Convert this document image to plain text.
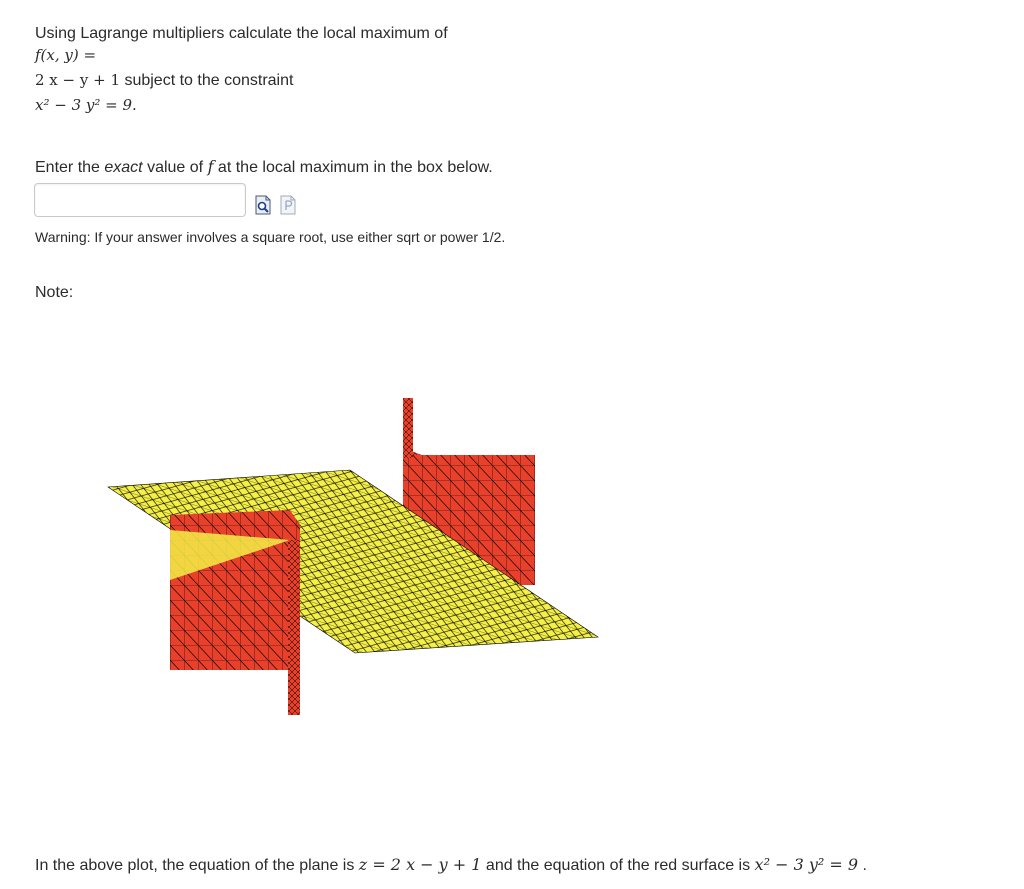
Using Lagrange multipliers calculate the local maximum of
f(x, y) =
2 x − y + 1 subject to the constraint
x² − 3 y² = 9.
Enter the exact value of f at the local maximum in the box below.
Warning: If your answer involves a square root, use either sqrt or power 1/2.
Note:
In the above plot, the equation of the plane is z = 2 x − y + 1 and the equation of the red surface is x² − 3 y² = 9 .
